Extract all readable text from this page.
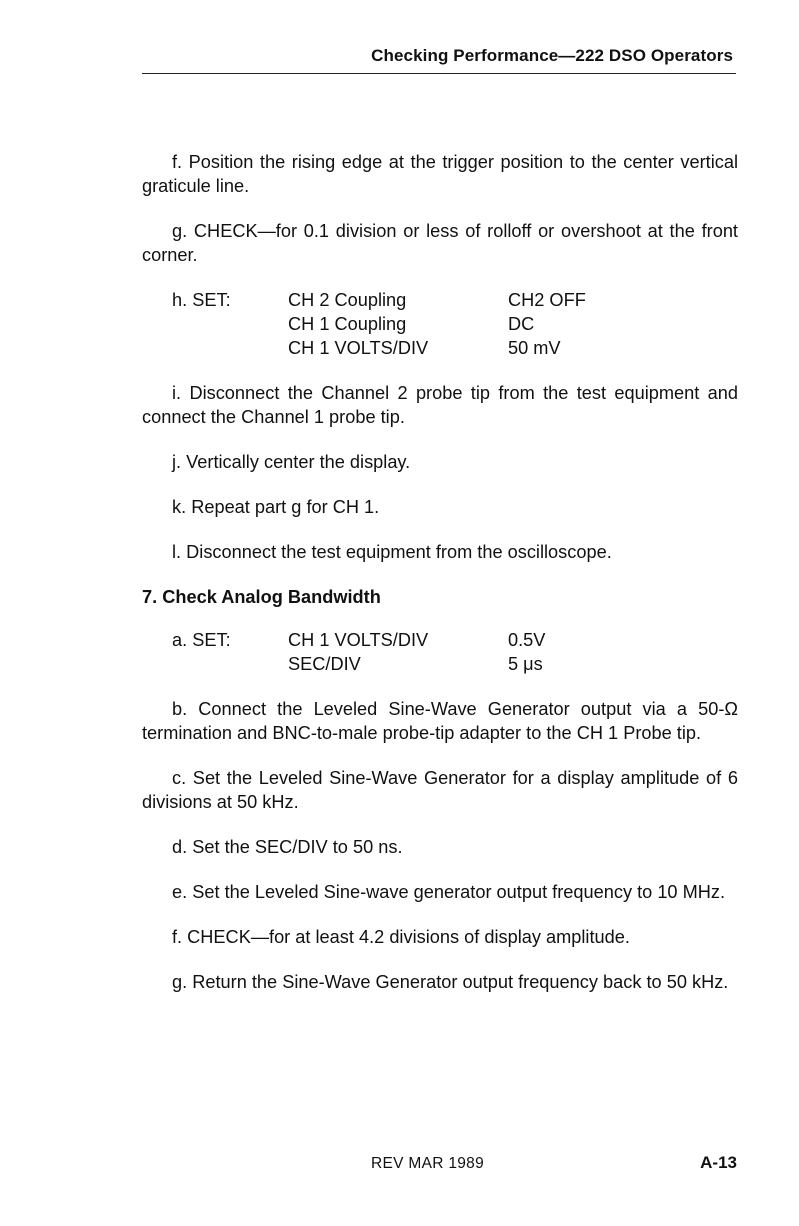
Checking Performance—222 DSO Operators

f. Position the rising edge at the trigger position to the center vertical graticule line.

g. CHECK—for 0.1 division or less of rolloff or overshoot at the front corner.

h. SET:	CH 2 Coupling	CH2 OFF
CH 1 Coupling	DC
CH 1 VOLTS/DIV	50 mV

i. Disconnect the Channel 2 probe tip from the test equipment and connect the Channel 1 probe tip.

j. Vertically center the display.

k. Repeat part g for CH 1.

l. Disconnect the test equipment from the oscilloscope.

7. Check Analog Bandwidth
a. SET:	CH 1 VOLTS/DIV	0.5V
SEC/DIV	5 μs

b. Connect the Leveled Sine-Wave Generator output via a 50-Ω termination and BNC-to-male probe-tip adapter to the CH 1 Probe tip.

c. Set the Leveled Sine-Wave Generator for a display amplitude of 6 divisions at 50 kHz.

d. Set the SEC/DIV to 50 ns.

e. Set the Leveled Sine-wave generator output frequency to 10 MHz.

f. CHECK—for at least 4.2 divisions of display amplitude.

g. Return the Sine-Wave Generator output frequency back to 50 kHz.

REV MAR 1989	A-13
